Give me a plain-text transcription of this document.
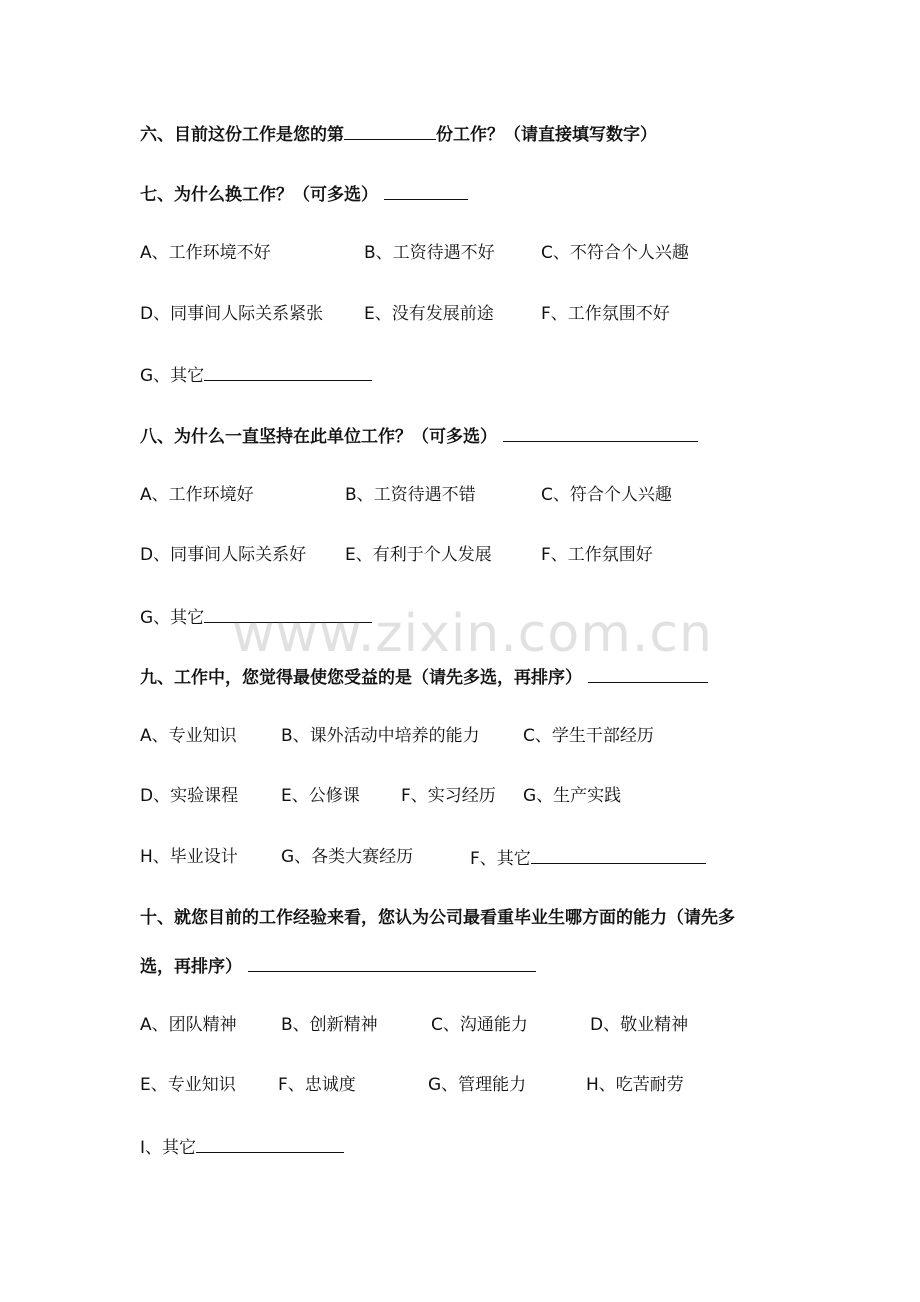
六、目前这份工作是您的第	份工作？（请直接填写数字）
七、为什么换工作？（可多选）
A、工作环境不好	B、工资待遇不好	C、不符合个人兴趣
D、同事间人际关系紧张 E、没有发展前途	F、工作氛围不好
G、其它
八、为什么一直坚持在此单位工作？（可多选）
A、工作环境好	B、工资待遇不错	C、符合个人兴趣
D、同事间人际关系好 E、有利于个人发展	F、工作氛围好
G、其它 www.zixin.com.cn
九、工作中，您觉得最使您受益的是（请先多选，再排序）
A、专业知识	B、课外活动中培养的能力	C、学生干部经历
D、实验课程	E、公修课 F、实习经历 G、生产实践
H、毕业设计	G、各类大赛经历	F、其它
十、就您目前的工作经验来看，您认为公司最看重毕业生哪方面的能力（请先多
选，再排序）
A、团队精神	B、创新精神	C、沟通能力	D、敬业精神
E、专业知识 F、忠诚度	G、管理能力	H、吃苦耐劳
I、其它
